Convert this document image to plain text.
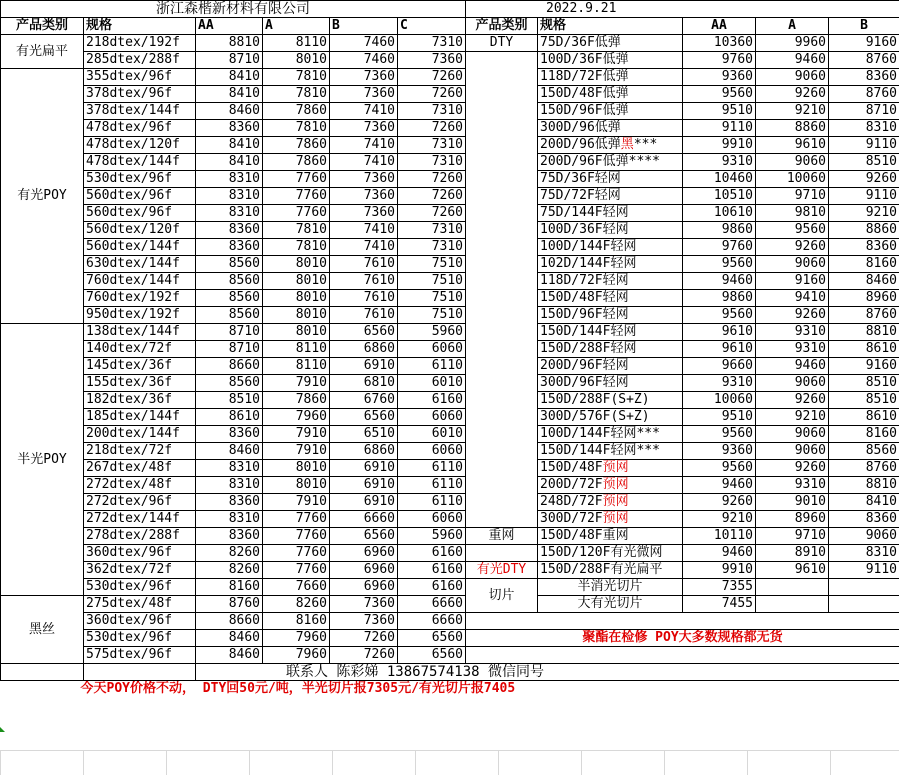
浙江森楷新材料有限公司						2022.9.21				
产品类别	规格	AA	A	B	C	产品类别	规格	AA	A	B
有光扁平	218dtex/192f	8810	8110	7460	7310	DTY	75D/36F低弹	10360	9960	9160
	285dtex/288f	8710	8010	7460	7360		100D/36F低弹	9760	9460	8760
有光POY	355dtex/96f	8410	7810	7360	7260		118D/72F低弹	9360	9060	8360
	378dtex/96f	8410	7810	7360	7260		150D/48F低弹	9560	9260	8760
	378dtex/144f	8460	7860	7410	7310		150D/96F低弹	9510	9210	8710
	478dtex/96f	8360	7810	7360	7260		300D/96低弹	9110	8860	8310
	478dtex/120f	8410	7860	7410	7310		200D/96低弹黑***	9910	9610	9110
	478dtex/144f	8410	7860	7410	7310		200D/96F低弹****	9310	9060	8510
	530dtex/96f	8310	7760	7360	7260		75D/36F轻网	10460	10060	9260
	560dtex/96f	8310	7760	7360	7260		75D/72F轻网	10510	9710	9110
	560dtex/96f	8310	7760	7360	7260		75D/144F轻网	10610	9810	9210
	560dtex/120f	8360	7810	7410	7310		100D/36F轻网	9860	9560	8860
	560dtex/144f	8360	7810	7410	7310		100D/144F轻网	9760	9260	8360
	630dtex/144f	8560	8010	7610	7510		102D/144F轻网	9560	9060	8160
	760dtex/144f	8560	8010	7610	7510		118D/72F轻网	9460	9160	8460
	760dtex/192f	8560	8010	7610	7510		150D/48F轻网	9860	9410	8960
	950dtex/192f	8560	8010	7610	7510		150D/96F轻网	9560	9260	8760
半光POY	138dtex/144f	8710	8010	6560	5960		150D/144F轻网	9610	9310	8810
	140dtex/72f	8710	8110	6860	6060		150D/288F轻网	9610	9310	8610
	145dtex/36f	8660	8110	6910	6110		200D/96F轻网	9660	9460	9160
	155dtex/36f	8560	7910	6810	6010		300D/96F轻网	9310	9060	8510
	182dtex/36f	8510	7860	6760	6160		150D/288F(S+Z)	10060	9260	8510
	185dtex/144f	8610	7960	6560	6060		300D/576F(S+Z)	9510	9210	8610
	200dtex/144f	8360	7910	6510	6010		100D/144F轻网***	9560	9060	8160
	218dtex/72f	8460	7910	6860	6060		150D/144F轻网***	9360	9060	8560
	267dtex/48f	8310	8010	6910	6110		150D/48F预网	9560	9260	8760
	272dtex/48f	8310	8010	6910	6110		200D/72F预网	9460	9310	8810
	272dtex/96f	8360	7910	6910	6110		248D/72F预网	9260	9010	8410
	272dtex/144f	8310	7760	6660	6060		300D/72F预网	9210	8960	8360
	278dtex/288f	8360	7760	6560	5960	重网	150D/48F重网	10110	9710	9060
	360dtex/96f	8260	7760	6960	6160		150D/120F有光微网	9460	8910	8310
	362dtex/72f	8260	7760	6960	6160	有光DTY	150D/288F有光扁平	9910	9610	9110
	530dtex/96f	8160	7660	6960	6160	切片	半消光切片	7355		
黑丝	275dtex/48f	8760	8260	7360	6660		大有光切片	7455		
	360dtex/96f	8660	8160	7360	6660					
	530dtex/96f	8460	7960	7260	6560	聚酯在检修 POY大多数规格都无货				
	575dtex/96f	8460	7960	7260	6560					
		联系人 陈彩娣 13867574138 微信同号								
今天POY价格不动， DTY回50元/吨，半光切片报7305元/有光切片报7405										
